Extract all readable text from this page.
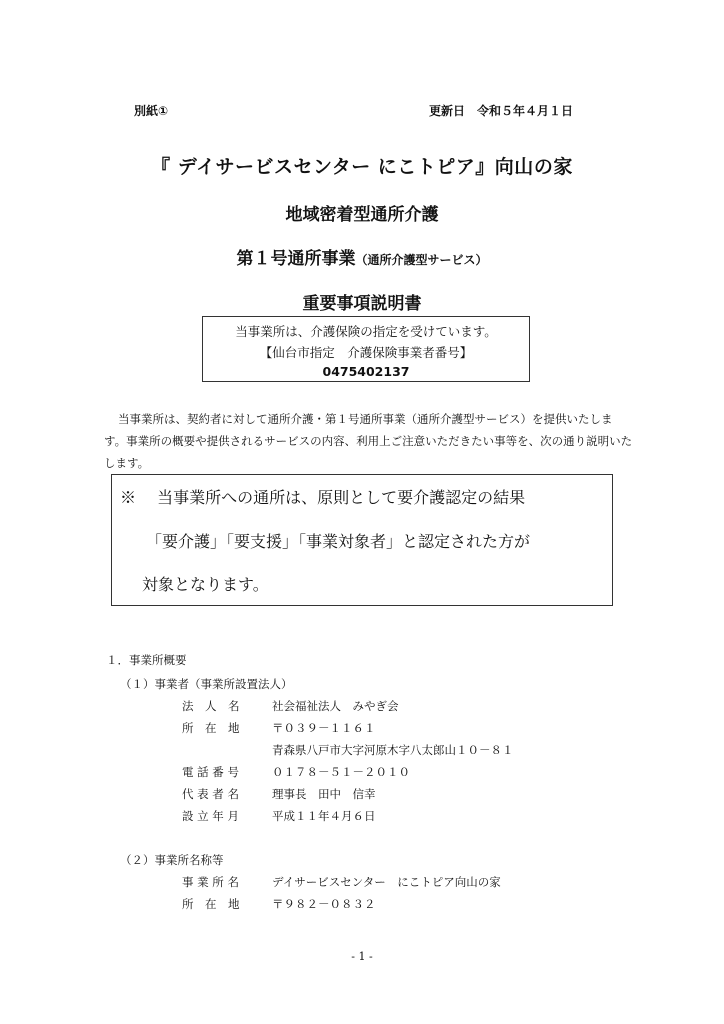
別紙①	更新日　令和５年４月１日
『 デイサービスセンター にこトピア』向山の家
地域密着型通所介護
第１号通所事業（通所介護型サービス）
重要事項説明書
当事業所は、介護保険の指定を受けています。
【仙台市指定　介護保険事業者番号】
0475402137
当事業所は、契約者に対して通所介護・第１号通所事業（通所介護型サービス）を提供いたします。事業所の概要や提供されるサービスの内容、利用上ご注意いただきたい事等を、次の通り説明いたします。
※　 当事業所への通所は、原則として要介護認定の結果
「要介護」「要支援」「事業対象者」と認定された方が
対象となります。
１．事業所概要
（１）事業者（事業所設置法人）
法　人　名	社会福祉法人　みやぎ会
所　在　地	〒０３９－１１６１
青森県八戸市大字河原木字八太郎山１０－８１
電 話 番 号	０１７８－５１－２０１０
代 表 者 名	理事長　田中　信幸
設 立 年 月	平成１１年４月６日
（２）事業所名称等
事 業 所 名	デイサービスセンター　にこトピア向山の家
所　在　地	〒９８２－０８３２
- 1 -
